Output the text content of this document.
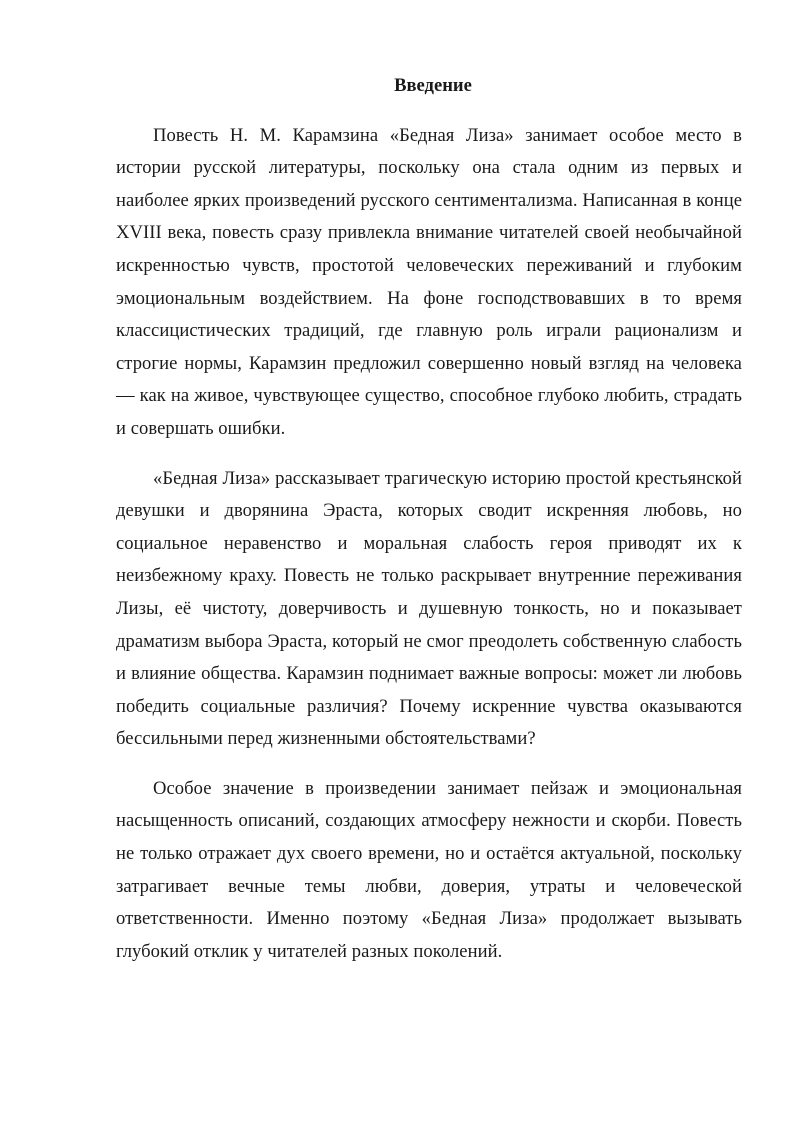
Введение

Повесть Н. М. Карамзина «Бедная Лиза» занимает особое место в истории русской литературы, поскольку она стала одним из первых и наиболее ярких произведений русского сентиментализма. Написанная в конце XVIII века, повесть сразу привлекла внимание читателей своей необычайной искренностью чувств, простотой человеческих переживаний и глубоким эмоциональным воздействием. На фоне господствовавших в то время классицистических традиций, где главную роль играли рационализм и строгие нормы, Карамзин предложил совершенно новый взгляд на человека — как на живое, чувствующее существо, способное глубоко любить, страдать и совершать ошибки.

«Бедная Лиза» рассказывает трагическую историю простой крестьянской девушки и дворянина Эраста, которых сводит искренняя любовь, но социальное неравенство и моральная слабость героя приводят их к неизбежному краху. Повесть не только раскрывает внутренние переживания Лизы, её чистоту, доверчивость и душевную тонкость, но и показывает драматизм выбора Эраста, который не смог преодолеть собственную слабость и влияние общества. Карамзин поднимает важные вопросы: может ли любовь победить социальные различия? Почему искренние чувства оказываются бессильными перед жизненными обстоятельствами?

Особое значение в произведении занимает пейзаж и эмоциональная насыщенность описаний, создающих атмосферу нежности и скорби. Повесть не только отражает дух своего времени, но и остаётся актуальной, поскольку затрагивает вечные темы любви, доверия, утраты и человеческой ответственности. Именно поэтому «Бедная Лиза» продолжает вызывать глубокий отклик у читателей разных поколений.
